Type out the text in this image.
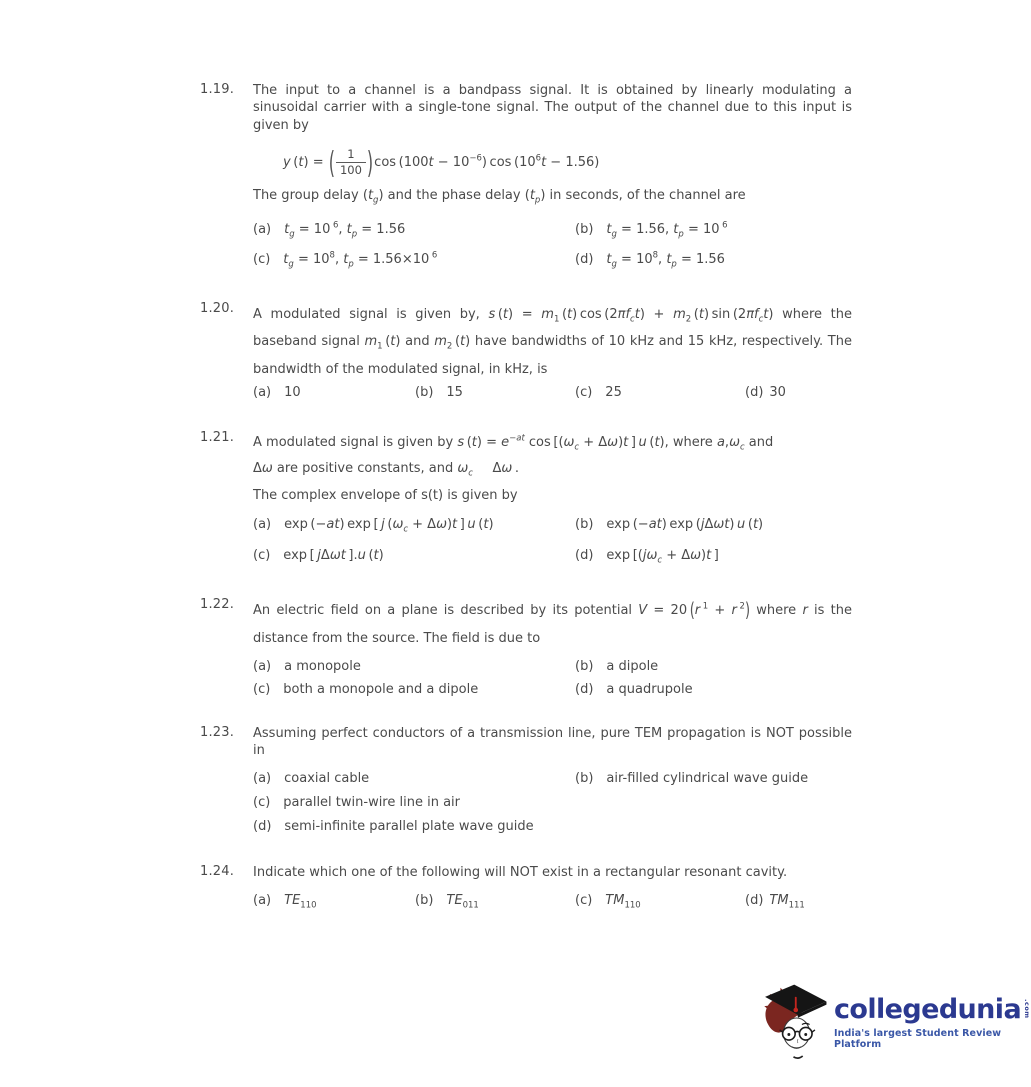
1.19.	The input to a channel is a bandpass signal. It is obtained by linearly modulating a sinusoidal carrier with a single-tone signal. The output of the channel due to this input is given by

y (t) = ( $\frac{1}{100} )\cos$ $(100t - 10^{-6})$ $\cos (10^6t - 1.56)$

The group delay $(t_g)$ and the phase delay $(t_p)$ in seconds, of the channel are

(a) $t_g = 10$ $^6$, $t_p = 1.56$	(b) $t_g = 1.56$, $t_p = 10$ $^6$
(c) $t_g = 10^8$, $t_p = 1.56\times 10$ $^6$	(d) $t_g = 10^8$, $t_p = 1.56$
1.20.	A modulated signal is given by, s $(t) = m_1$ (t) $\cos (2\pi f_ct) + m_2$ (t) $\sin (2\pi f_ct)$ where the baseband signal $m_1$ (t) and $m_2$ (t) have bandwidths of 10 kHz and 15 kHz, respectively. The bandwidth of the modulated signal, in kHz, is

(a) 10	(b) 15	(c) 25	(d) 30
1.21.	A modulated signal is given by s $(t) = e^{-at}$ $\cos [(\omega_c + \Delta\omega)t$ ] u (t), where $a,\omega_c$ and

Δω are positive constants, and $\omega_c$  Δω .

The complex envelope of s(t) is given by

(a) exp (−at) exp [ j $(\omega_c + \Delta\omega)t$ ] u (t)	(b) exp (−at) exp (jΔωt) u (t)
(c) exp [ jΔωt ].u (t)	(d) $\exp [(j\omega_c + \Delta\omega)t$ ]
1.22.	An electric field on a plane is described by its potential V = 20 (r  $^1$ + r  $^2$) where r is the distance from the source. The field is due to

(a) a monopole	(b) a dipole
(c) both a monopole and a dipole	(d) a quadrupole
1.23.	Assuming perfect conductors of a transmission line, pure TEM propagation is NOT possible in

(a) coaxial cable	(b) air-filled cylindrical wave guide
(c) parallel twin-wire line in air
(d) semi-infinite parallel plate wave guide
1.24.	Indicate which one of the following will NOT exist in a rectangular resonant cavity.

(a) $TE_{110}$	(b) $TE_{011}$	(c) $TM_{110}$	(d) $TM_{111}$
collegedunia .com
India's largest Student Review Platform
